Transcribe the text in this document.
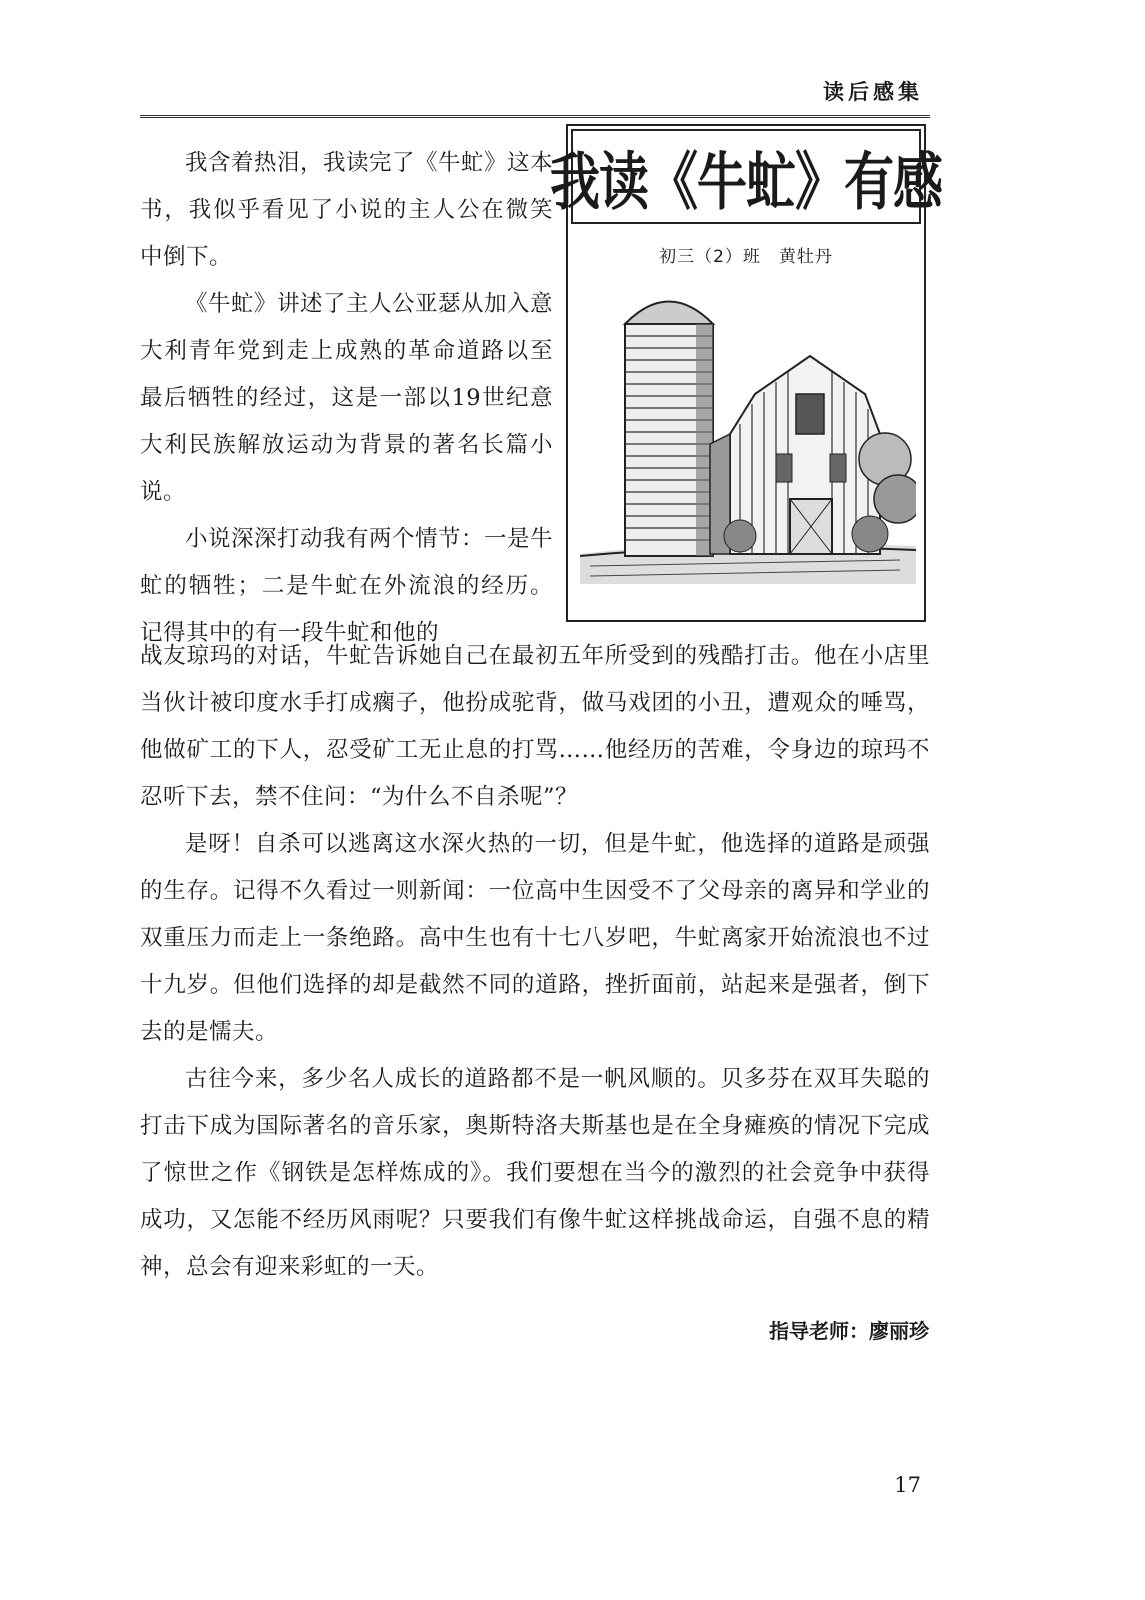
读后感集
我读《牛虻》有感
初三（2）班　黄牡丹

我含着热泪，我读完了《牛虻》这本书，我似乎看见了小说的主人公在微笑中倒下。

《牛虻》讲述了主人公亚瑟从加入意大利青年党到走上成熟的革命道路以至最后牺牲的经过，这是一部以19世纪意大利民族解放运动为背景的著名长篇小说。

小说深深打动我有两个情节：一是牛虻的牺牲；二是牛虻在外流浪的经历。记得其中的有一段牛虻和他的

战友琼玛的对话，牛虻告诉她自己在最初五年所受到的残酷打击。他在小店里当伙计被印度水手打成瘸子，他扮成驼背，做马戏团的小丑，遭观众的唾骂，他做矿工的下人，忍受矿工无止息的打骂……他经历的苦难，令身边的琼玛不忍听下去，禁不住问：“为什么不自杀呢”？

是呀！自杀可以逃离这水深火热的一切，但是牛虻，他选择的道路是顽强的生存。记得不久看过一则新闻：一位高中生因受不了父母亲的离异和学业的双重压力而走上一条绝路。高中生也有十七八岁吧，牛虻离家开始流浪也不过十九岁。但他们选择的却是截然不同的道路，挫折面前，站起来是强者，倒下去的是懦夫。

古往今来，多少名人成长的道路都不是一帆风顺的。贝多芬在双耳失聪的打击下成为国际著名的音乐家，奥斯特洛夫斯基也是在全身瘫痪的情况下完成了惊世之作《钢铁是怎样炼成的》。我们要想在当今的激烈的社会竞争中获得成功，又怎能不经历风雨呢？只要我们有像牛虻这样挑战命运，自强不息的精神，总会有迎来彩虹的一天。

指导老师：廖丽珍
17
